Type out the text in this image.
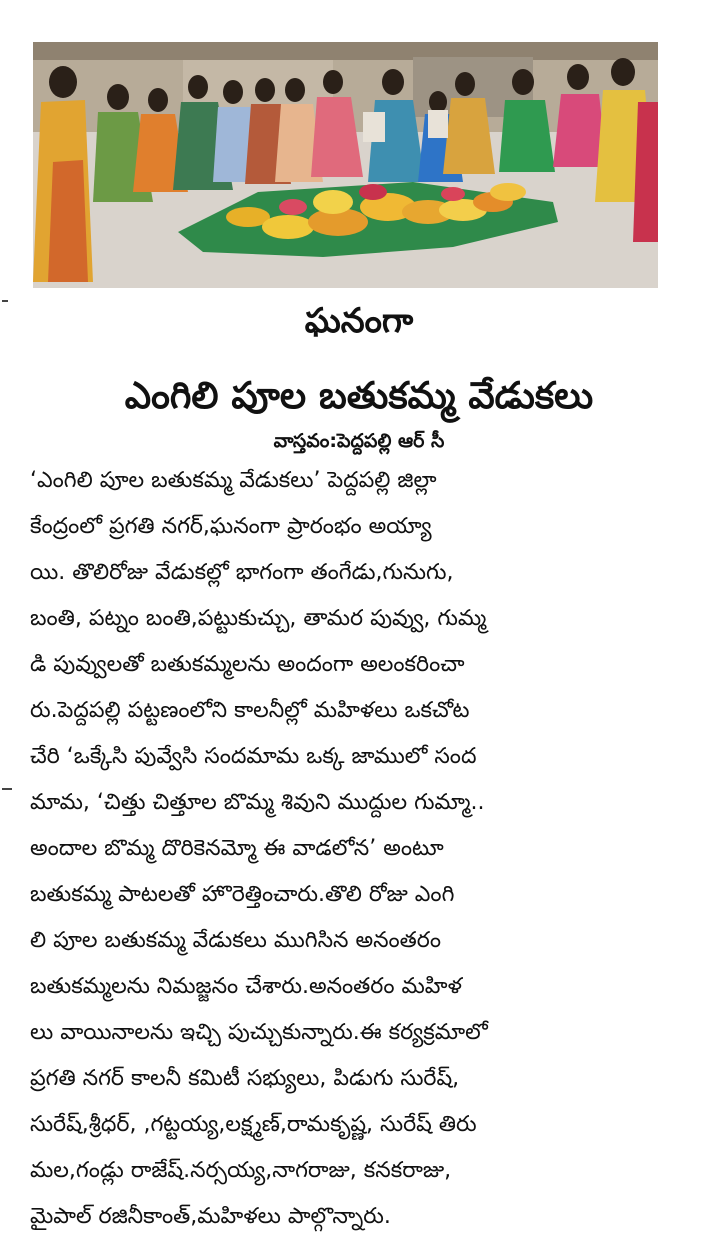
ఘనంగా
ఎంగిలి పూల బతుకమ్మ వేడుకలు
వాస్తవం:పెద్దపల్లి ఆర్ సీ
‘ఎంగిలి పూల బతుకమ్మ వేడుకలు’ పెద్దపల్లి జిల్లా
కేంద్రంలో ప్రగతి నగర్,ఘనంగా ప్రారంభం అయ్యా
యి. తొలిరోజు వేడుకల్లో భాగంగా తంగేడు,గునుగు,
బంతి, పట్నం బంతి,పట్టుకుచ్చు, తామర పువ్వు, గుమ్మ
డి పువ్వులతో బతుకమ్మలను అందంగా అలంకరించా
రు.పెద్దపల్లి పట్టణంలోని కాలనీల్లో మహిళలు ఒకచోట
చేరి ‘ఒక్కేసి పువ్వేసి సందమామ ఒక్క జాములో సంద
మామ, ‘చిత్తు చిత్తూల బొమ్మ శివుని ముద్దుల గుమ్మా..
అందాల బొమ్మ దొరికెనమ్మో ఈ వాడలోన’ అంటూ
బతుకమ్మ పాటలతో హొరెత్తించారు.తొలి రోజు ఎంగి
లి పూల బతుకమ్మ వేడుకలు ముగిసిన అనంతరం
బతుకమ్మలను నిమజ్జనం చేశారు.అనంతరం మహిళ
లు వాయినాలను ఇచ్చి పుచ్చుకున్నారు.ఈ కర్యక్రమాలో
ప్రగతి నగర్ కాలనీ కమిటీ సభ్యులు, పిడుగు సురేష్,
సురేష్,శ్రీధర్, ,గట్టయ్య,లక్ష్మణ్,రామకృష్ణ, సురేష్ తిరు
మల,గండ్లు రాజేష్.నర్సయ్య,నాగరాజు, కనకరాజు,
మైపాల్ రజినీకాంత్,మహిళలు పాల్గొన్నారు.
